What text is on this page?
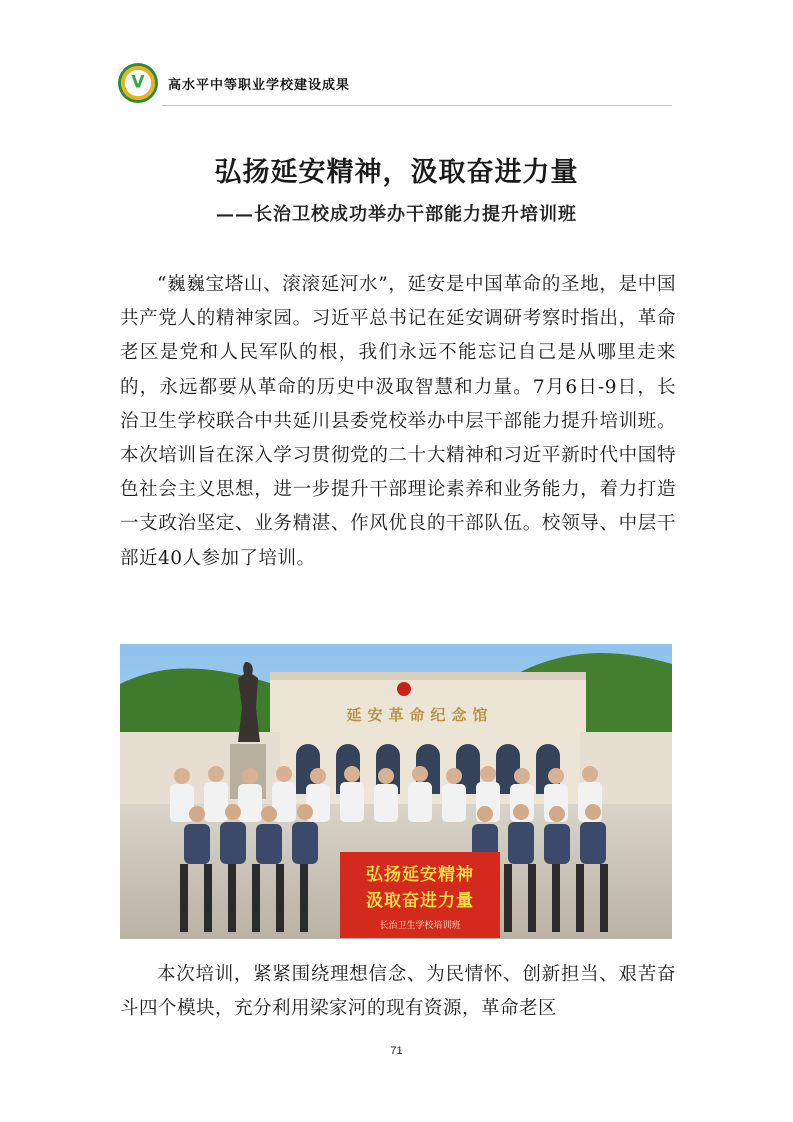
V 高水平中等职业学校建设成果
弘扬延安精神，汲取奋进力量
——长治卫校成功举办干部能力提升培训班

“巍巍宝塔山、滚滚延河水”，延安是中国革命的圣地，是中国共产党人的精神家园。习近平总书记在延安调研考察时指出，革命老区是党和人民军队的根，我们永远不能忘记自己是从哪里走来的，永远都要从革命的历史中汲取智慧和力量。7月6日-9日，长治卫生学校联合中共延川县委党校举办中层干部能力提升培训班。本次培训旨在深入学习贯彻党的二十大精神和习近平新时代中国特色社会主义思想，进一步提升干部理论素养和业务能力，着力打造一支政治坚定、业务精湛、作风优良的干部队伍。校领导、中层干部近40人参加了培训。

延安革命纪念馆
弘扬延安精神
汲取奋进力量
长治卫生学校培训班

本次培训，紧紧围绕理想信念、为民情怀、创新担当、艰苦奋斗四个模块，充分利用梁家河的现有资源，革命老区

71
